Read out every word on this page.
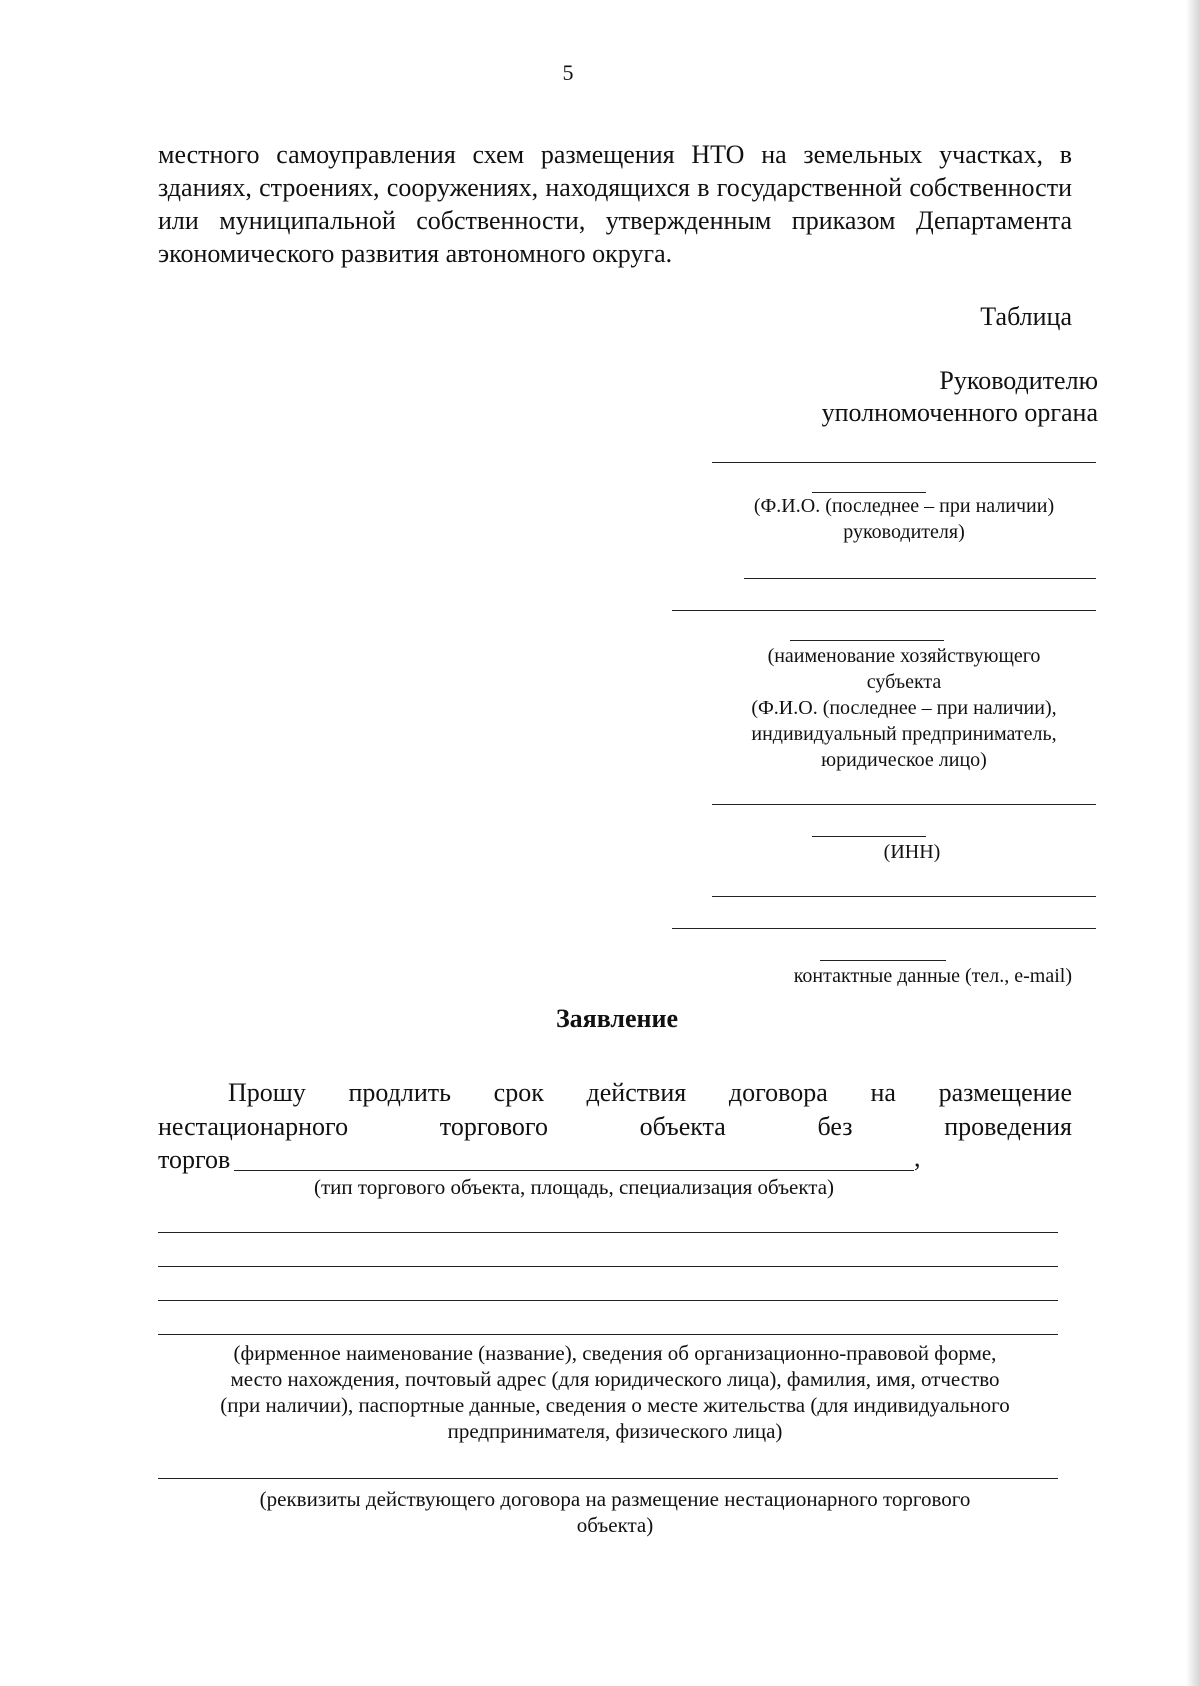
5
местного самоуправления схем размещения НТО на земельных участках, в зданиях, строениях, сооружениях, находящихся в государственной собственности или муниципальной собственности, утвержденным приказом Департамента экономического развития автономного округа.
Таблица
Руководителю
уполномоченного органа
(Ф.И.О. (последнее – при наличии)
руководителя)
(наименование хозяйствующего
субъекта
(Ф.И.О. (последнее – при наличии),
индивидуальный предприниматель,
юридическое лицо)
(ИНН)
контактные данные (тел., e-mail)
Заявление
Прошу продлить срок действия договора на размещение
нестационарного торгового объекта без проведения
торгов	,
(тип торгового объекта, площадь, специализация объекта)
(фирменное наименование (название), сведения об организационно-правовой форме,
место нахождения, почтовый адрес (для юридического лица), фамилия, имя, отчество
(при наличии), паспортные данные, сведения о месте жительства (для индивидуального
предпринимателя, физического лица)
(реквизиты действующего договора на размещение нестационарного торгового
объекта)
